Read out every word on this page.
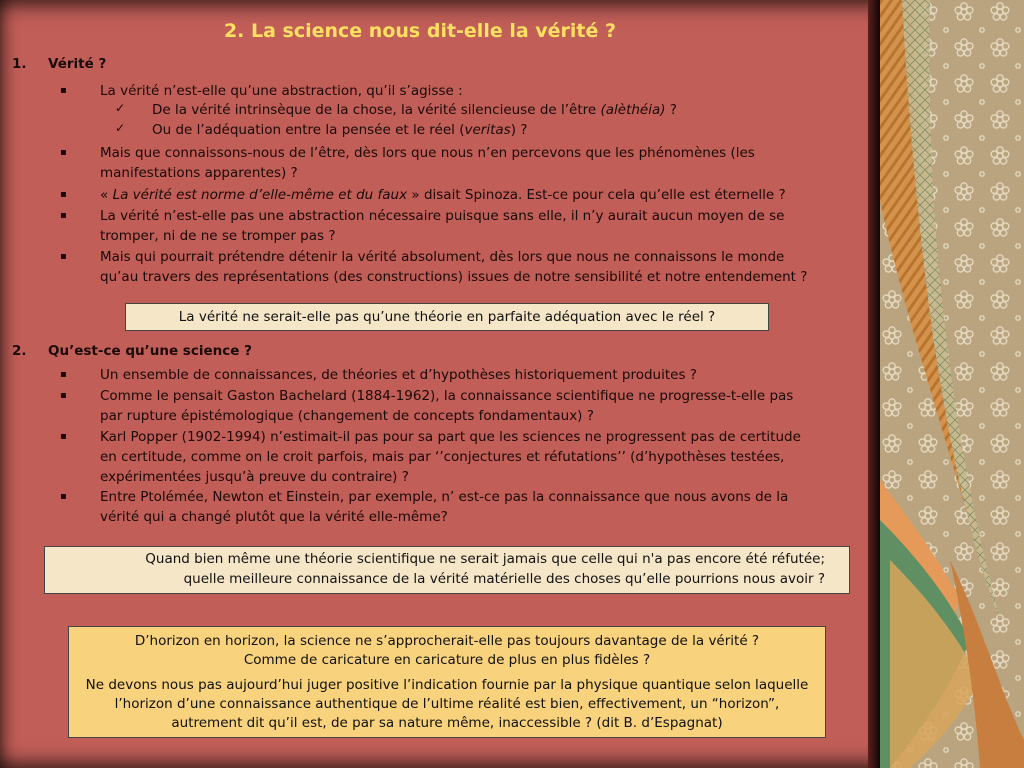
2. La science nous dit-elle la vérité ?
1. Vérité ?
▪ La vérité n’est-elle qu’une abstraction, qu’il s’agisse :
✓ De la vérité intrinsèque de la chose, la vérité silencieuse de l’être (alèthéia) ?
✓ Ou de l’adéquation entre la pensée et le réel (veritas) ?
▪ Mais que connaissons-nous de l’être, dès lors que nous n’en percevons que les phénomènes (les
manifestations apparentes) ?
▪ « La vérité est norme d’elle-même et du faux » disait Spinoza. Est-ce pour cela qu’elle est éternelle ?
▪ La vérité n’est-elle pas une abstraction nécessaire puisque sans elle, il n’y aurait aucun moyen de se
tromper, ni de ne se tromper pas ?
▪ Mais qui pourrait prétendre détenir la vérité absolument, dès lors que nous ne connaissons le monde
qu’au travers des représentations (des constructions) issues de notre sensibilité et notre entendement ?
La vérité ne serait-elle pas qu’une théorie en parfaite adéquation avec le réel ?
2. Qu’est-ce qu’une science ?
▪ Un ensemble de connaissances, de théories et d’hypothèses historiquement produites ?
▪ Comme le pensait Gaston Bachelard (1884-1962), la connaissance scientifique ne progresse-t-elle pas
par rupture épistémologique (changement de concepts fondamentaux) ?
▪ Karl Popper (1902-1994) n’estimait-il pas pour sa part que les sciences ne progressent pas de certitude
en certitude, comme on le croit parfois, mais par ‘’conjectures et réfutations’’ (d’hypothèses testées,
expérimentées jusqu’à preuve du contraire) ?
▪ Entre Ptolémée, Newton et Einstein, par exemple, n’ est-ce pas la connaissance que nous avons de la
vérité qui a changé plutôt que la vérité elle-même?
Quand bien même une théorie scientifique ne serait jamais que celle qui n'a pas encore été réfutée;
quelle meilleure connaissance de la vérité matérielle des choses qu’elle pourrions nous avoir ?

D’horizon en horizon, la science ne s’approcherait-elle pas toujours davantage de la vérité ?
Comme de caricature en caricature de plus en plus fidèles ?

Ne devons nous pas aujourd’hui juger positive l’indication fournie par la physique quantique selon laquelle l’horizon d’une connaissance authentique de l’ultime réalité est bien, effectivement, un “horizon”, autrement dit qu’il est, de par sa nature même, inaccessible ? (dit B. d’Espagnat)
